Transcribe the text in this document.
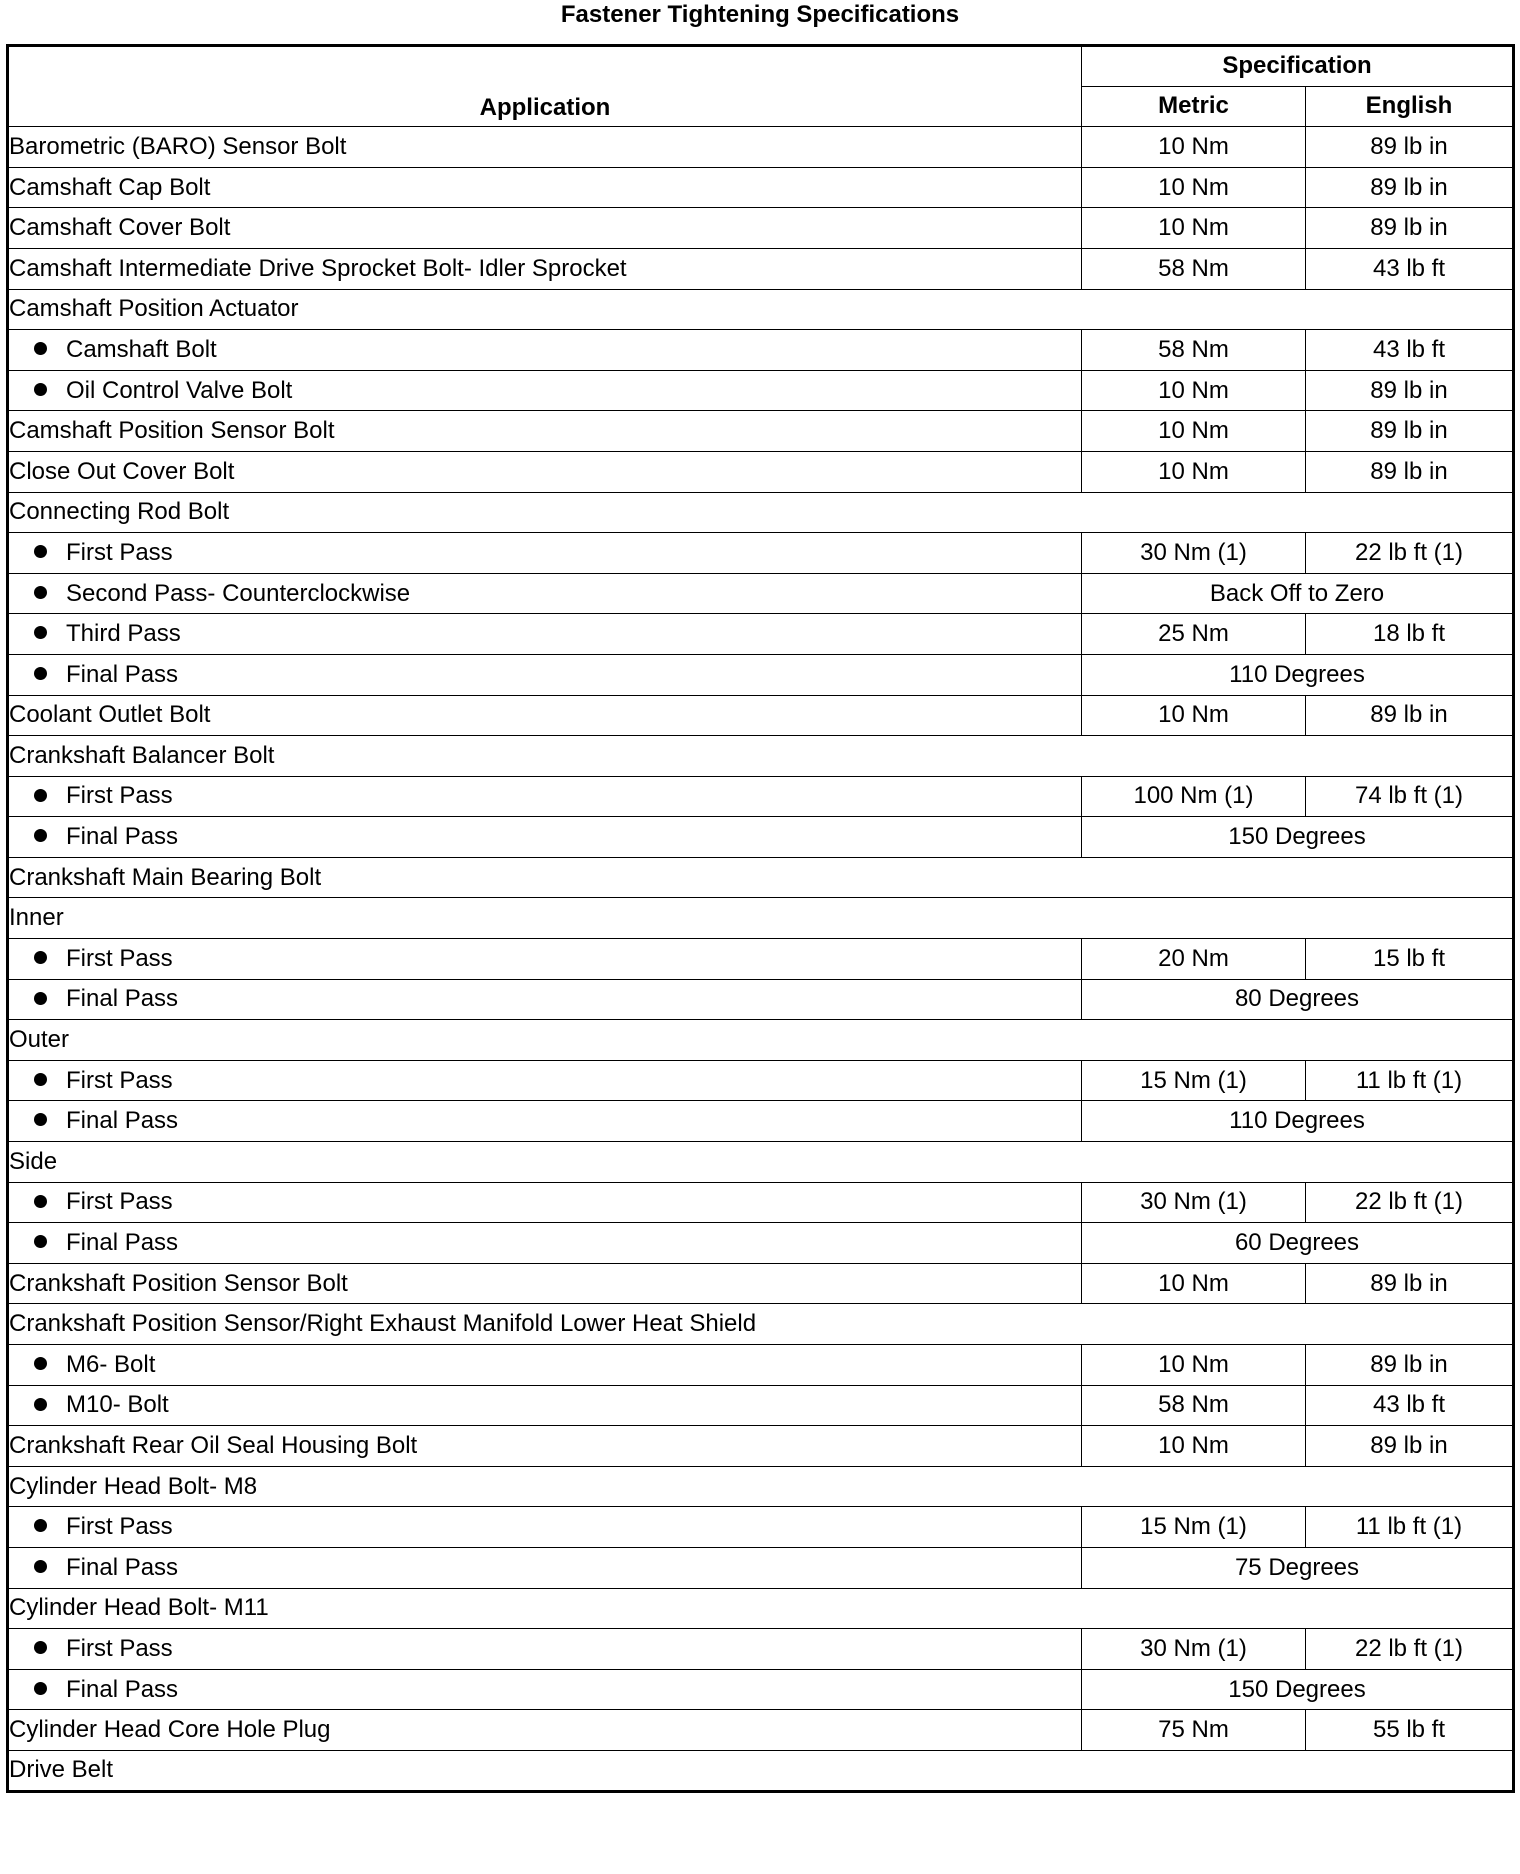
Fastener Tightening Specifications
Application	Specification	
	Metric	English
Barometric (BARO) Sensor Bolt	10 Nm	89 lb in
Camshaft Cap Bolt	10 Nm	89 lb in
Camshaft Cover Bolt	10 Nm	89 lb in
Camshaft Intermediate Drive Sprocket Bolt- Idler Sprocket	58 Nm	43 lb ft
Camshaft Position Actuator		
Camshaft Bolt	58 Nm	43 lb ft
Oil Control Valve Bolt	10 Nm	89 lb in
Camshaft Position Sensor Bolt	10 Nm	89 lb in
Close Out Cover Bolt	10 Nm	89 lb in
Connecting Rod Bolt		
First Pass	30 Nm (1)	22 lb ft (1)
Second Pass- Counterclockwise	Back Off to Zero	
Third Pass	25 Nm	18 lb ft
Final Pass	110 Degrees	
Coolant Outlet Bolt	10 Nm	89 lb in
Crankshaft Balancer Bolt		
First Pass	100 Nm (1)	74 lb ft (1)
Final Pass	150 Degrees	
Crankshaft Main Bearing Bolt		
Inner		
First Pass	20 Nm	15 lb ft
Final Pass	80 Degrees	
Outer		
First Pass	15 Nm (1)	11 lb ft (1)
Final Pass	110 Degrees	
Side		
First Pass	30 Nm (1)	22 lb ft (1)
Final Pass	60 Degrees	
Crankshaft Position Sensor Bolt	10 Nm	89 lb in
Crankshaft Position Sensor/Right Exhaust Manifold Lower Heat Shield		
M6- Bolt	10 Nm	89 lb in
M10- Bolt	58 Nm	43 lb ft
Crankshaft Rear Oil Seal Housing Bolt	10 Nm	89 lb in
Cylinder Head Bolt- M8		
First Pass	15 Nm (1)	11 lb ft (1)
Final Pass	75 Degrees	
Cylinder Head Bolt- M11		
First Pass	30 Nm (1)	22 lb ft (1)
Final Pass	150 Degrees	
Cylinder Head Core Hole Plug	75 Nm	55 lb ft
Drive Belt		
